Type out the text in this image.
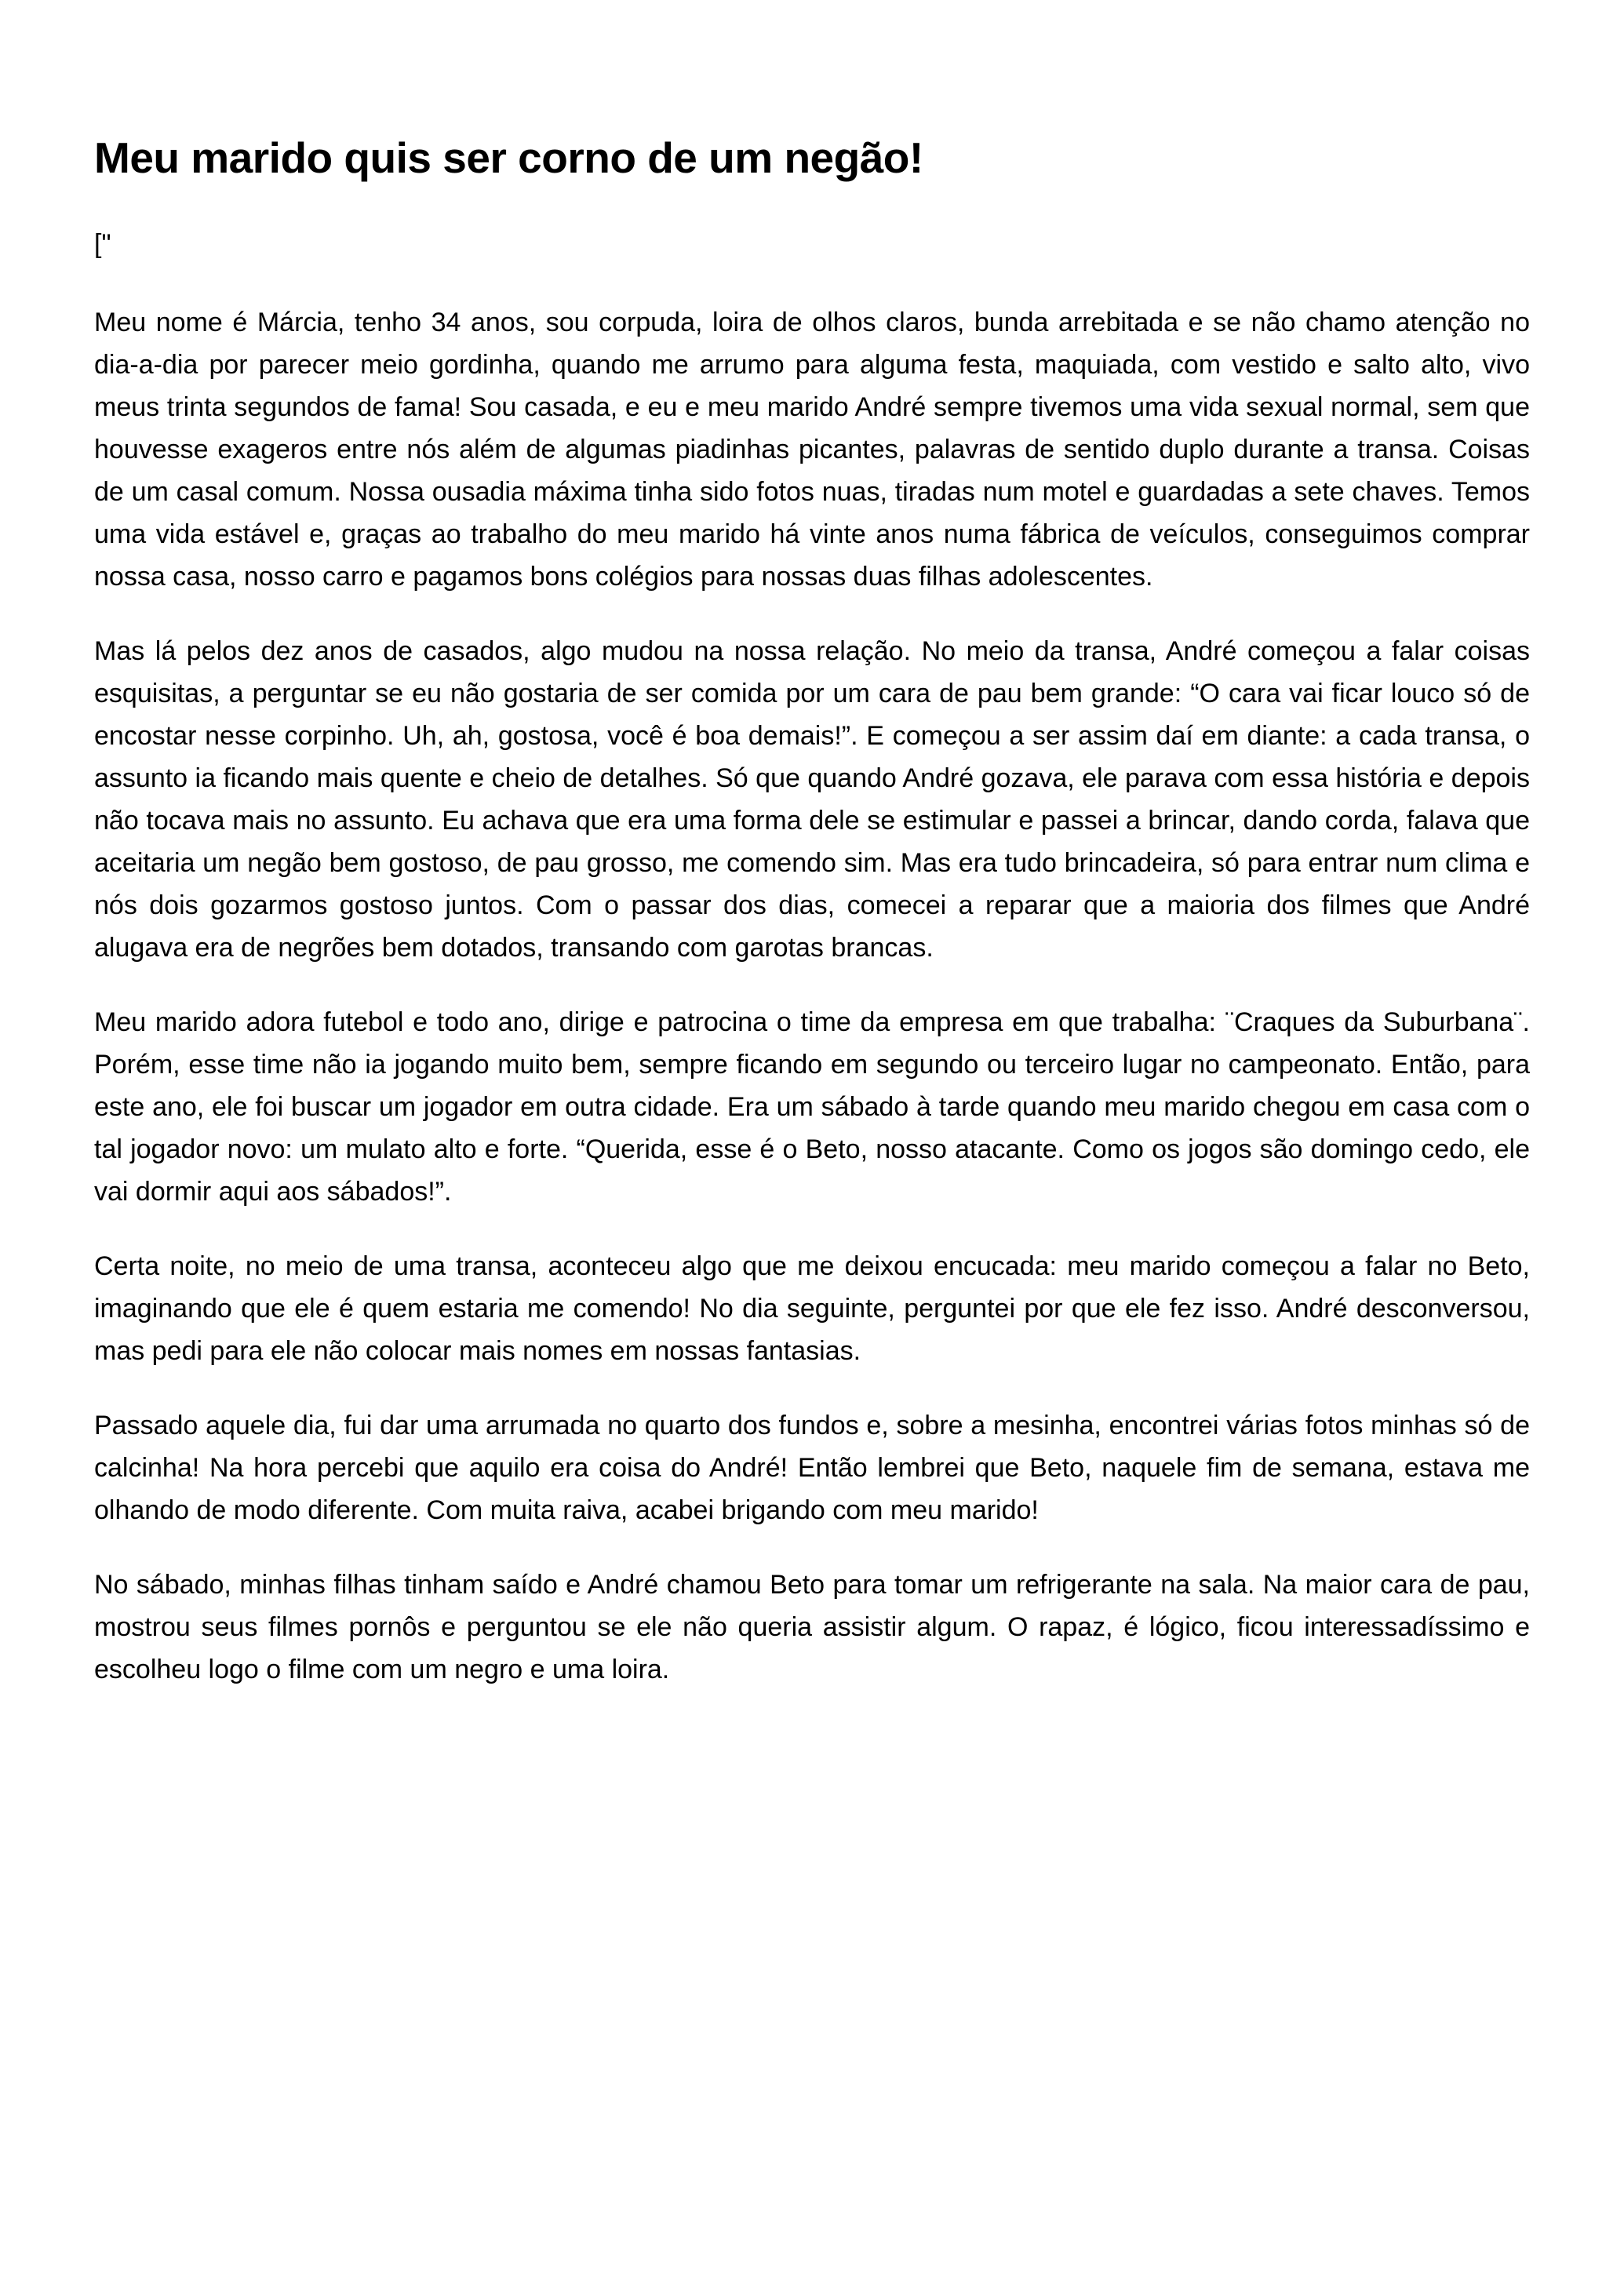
Meu marido quis ser corno de um negão!

["

Meu nome é Márcia, tenho 34 anos, sou corpuda, loira de olhos claros, bunda arrebitada e se não chamo atenção no dia-a-dia por parecer meio gordinha, quando me arrumo para alguma festa, maquiada, com vestido e salto alto, vivo meus trinta segundos de fama! Sou casada, e eu e meu marido André sempre tivemos uma vida sexual normal, sem que houvesse exageros entre nós além de algumas piadinhas picantes, palavras de sentido duplo durante a transa. Coisas de um casal comum. Nossa ousadia máxima tinha sido fotos nuas, tiradas num motel e guardadas a sete chaves. Temos uma vida estável e, graças ao trabalho do meu marido há vinte anos numa fábrica de veículos, conseguimos comprar nossa casa, nosso carro e pagamos bons colégios para nossas duas filhas adolescentes.

Mas lá pelos dez anos de casados, algo mudou na nossa relação. No meio da transa, André começou a falar coisas esquisitas, a perguntar se eu não gostaria de ser comida por um cara de pau bem grande: “O cara vai ficar louco só de encostar nesse corpinho. Uh, ah, gostosa, você é boa demais!”. E começou a ser assim daí em diante: a cada transa, o assunto ia ficando mais quente e cheio de detalhes. Só que quando André gozava, ele parava com essa história e depois não tocava mais no assunto. Eu achava que era uma forma dele se estimular e passei a brincar, dando corda, falava que aceitaria um negão bem gostoso, de pau grosso, me comendo sim. Mas era tudo brincadeira, só para entrar num clima e nós dois gozarmos gostoso juntos. Com o passar dos dias, comecei a reparar que a maioria dos filmes que André alugava era de negrões bem dotados, transando com garotas brancas.

Meu marido adora futebol e todo ano, dirige e patrocina o time da empresa em que trabalha: ¨Craques da Suburbana¨. Porém, esse time não ia jogando muito bem, sempre ficando em segundo ou terceiro lugar no campeonato. Então, para este ano, ele foi buscar um jogador em outra cidade. Era um sábado à tarde quando meu marido chegou em casa com o tal jogador novo: um mulato alto e forte. “Querida, esse é o Beto, nosso atacante. Como os jogos são domingo cedo, ele vai dormir aqui aos sábados!”.

Certa noite, no meio de uma transa, aconteceu algo que me deixou encucada: meu marido começou a falar no Beto, imaginando que ele é quem estaria me comendo! No dia seguinte, perguntei por que ele fez isso. André desconversou, mas pedi para ele não colocar mais nomes em nossas fantasias.

Passado aquele dia, fui dar uma arrumada no quarto dos fundos e, sobre a mesinha, encontrei várias fotos minhas só de calcinha! Na hora percebi que aquilo era coisa do André! Então lembrei que Beto, naquele fim de semana, estava me olhando de modo diferente. Com muita raiva, acabei brigando com meu marido!

No sábado, minhas filhas tinham saído e André chamou Beto para tomar um refrigerante na sala. Na maior cara de pau, mostrou seus filmes pornôs e perguntou se ele não queria assistir algum. O rapaz, é lógico, ficou interessadíssimo e escolheu logo o filme com um negro e uma loira.
